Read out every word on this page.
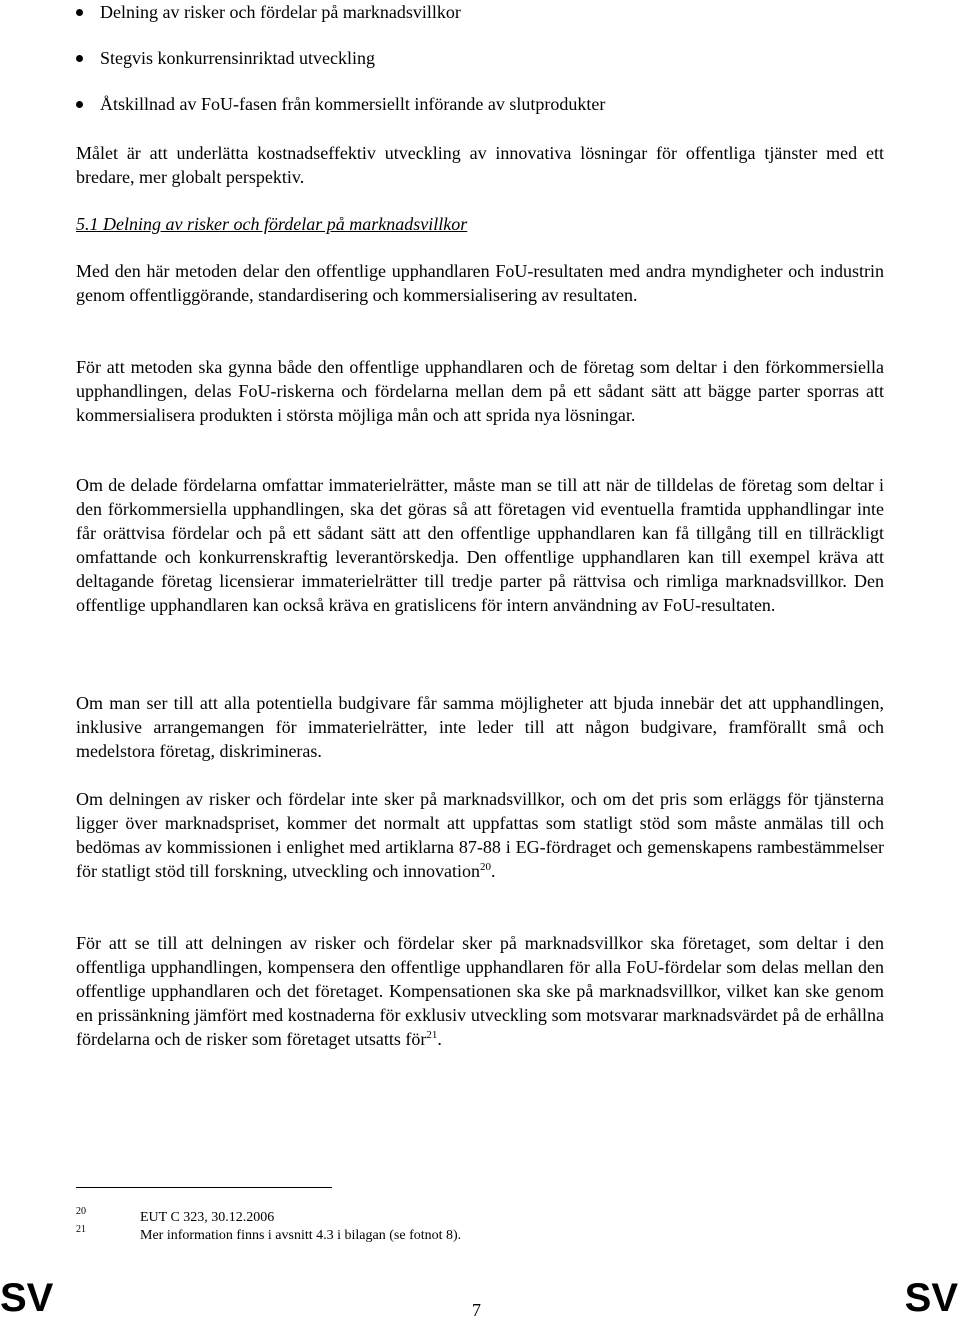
Delning av risker och fördelar på marknadsvillkor
Stegvis konkurrensinriktad utveckling
Åtskillnad av FoU-fasen från kommersiellt införande av slutprodukter

Målet är att underlätta kostnadseffektiv utveckling av innovativa lösningar för offentliga tjänster med ett bredare, mer globalt perspektiv.

5.1 Delning av risker och fördelar på marknadsvillkor

Med den här metoden delar den offentlige upphandlaren FoU-resultaten med andra myndigheter och industrin genom offentliggörande, standardisering och kommersialisering av resultaten.

För att metoden ska gynna både den offentlige upphandlaren och de företag som deltar i den förkommersiella upphandlingen, delas FoU-riskerna och fördelarna mellan dem på ett sådant sätt att bägge parter sporras att kommersialisera produkten i största möjliga mån och att sprida nya lösningar.

Om de delade fördelarna omfattar immaterielrätter, måste man se till att när de tilldelas de företag som deltar i den förkommersiella upphandlingen, ska det göras så att företagen vid eventuella framtida upphandlingar inte får orättvisa fördelar och på ett sådant sätt att den offentlige upphandlaren kan få tillgång till en tillräckligt omfattande och konkurrenskraftig leverantörskedja. Den offentlige upphandlaren kan till exempel kräva att deltagande företag licensierar immaterielrätter till tredje parter på rättvisa och rimliga marknadsvillkor. Den offentlige upphandlaren kan också kräva en gratislicens för intern användning av FoU-resultaten.

Om man ser till att alla potentiella budgivare får samma möjligheter att bjuda innebär det att upphandlingen, inklusive arrangemangen för immaterielrätter, inte leder till att någon budgivare, framförallt små och medelstora företag, diskrimineras.

Om delningen av risker och fördelar inte sker på marknadsvillkor, och om det pris som erläggs för tjänsterna ligger över marknadspriset, kommer det normalt att uppfattas som statligt stöd som måste anmälas till och bedömas av kommissionen i enlighet med artiklarna 87-88 i EG-fördraget och gemenskapens rambestämmelser för statligt stöd till forskning, utveckling och innovation$^{20}$.

För att se till att delningen av risker och fördelar sker på marknadsvillkor ska företaget, som deltar i den offentliga upphandlingen, kompensera den offentlige upphandlaren för alla FoU-fördelar som delas mellan den offentlige upphandlaren och det företaget. Kompensationen ska ske på marknadsvillkor, vilket kan ske genom en prissänkning jämfört med kostnaderna för exklusiv utveckling som motsvarar marknadsvärdet på de erhållna fördelarna och de risker som företaget utsatts för$^{21}$.

20	EUT C 323, 30.12.2006
21	Mer information finns i avsnitt 4.3 i bilagan (se fotnot 8).
SV	7	SV
